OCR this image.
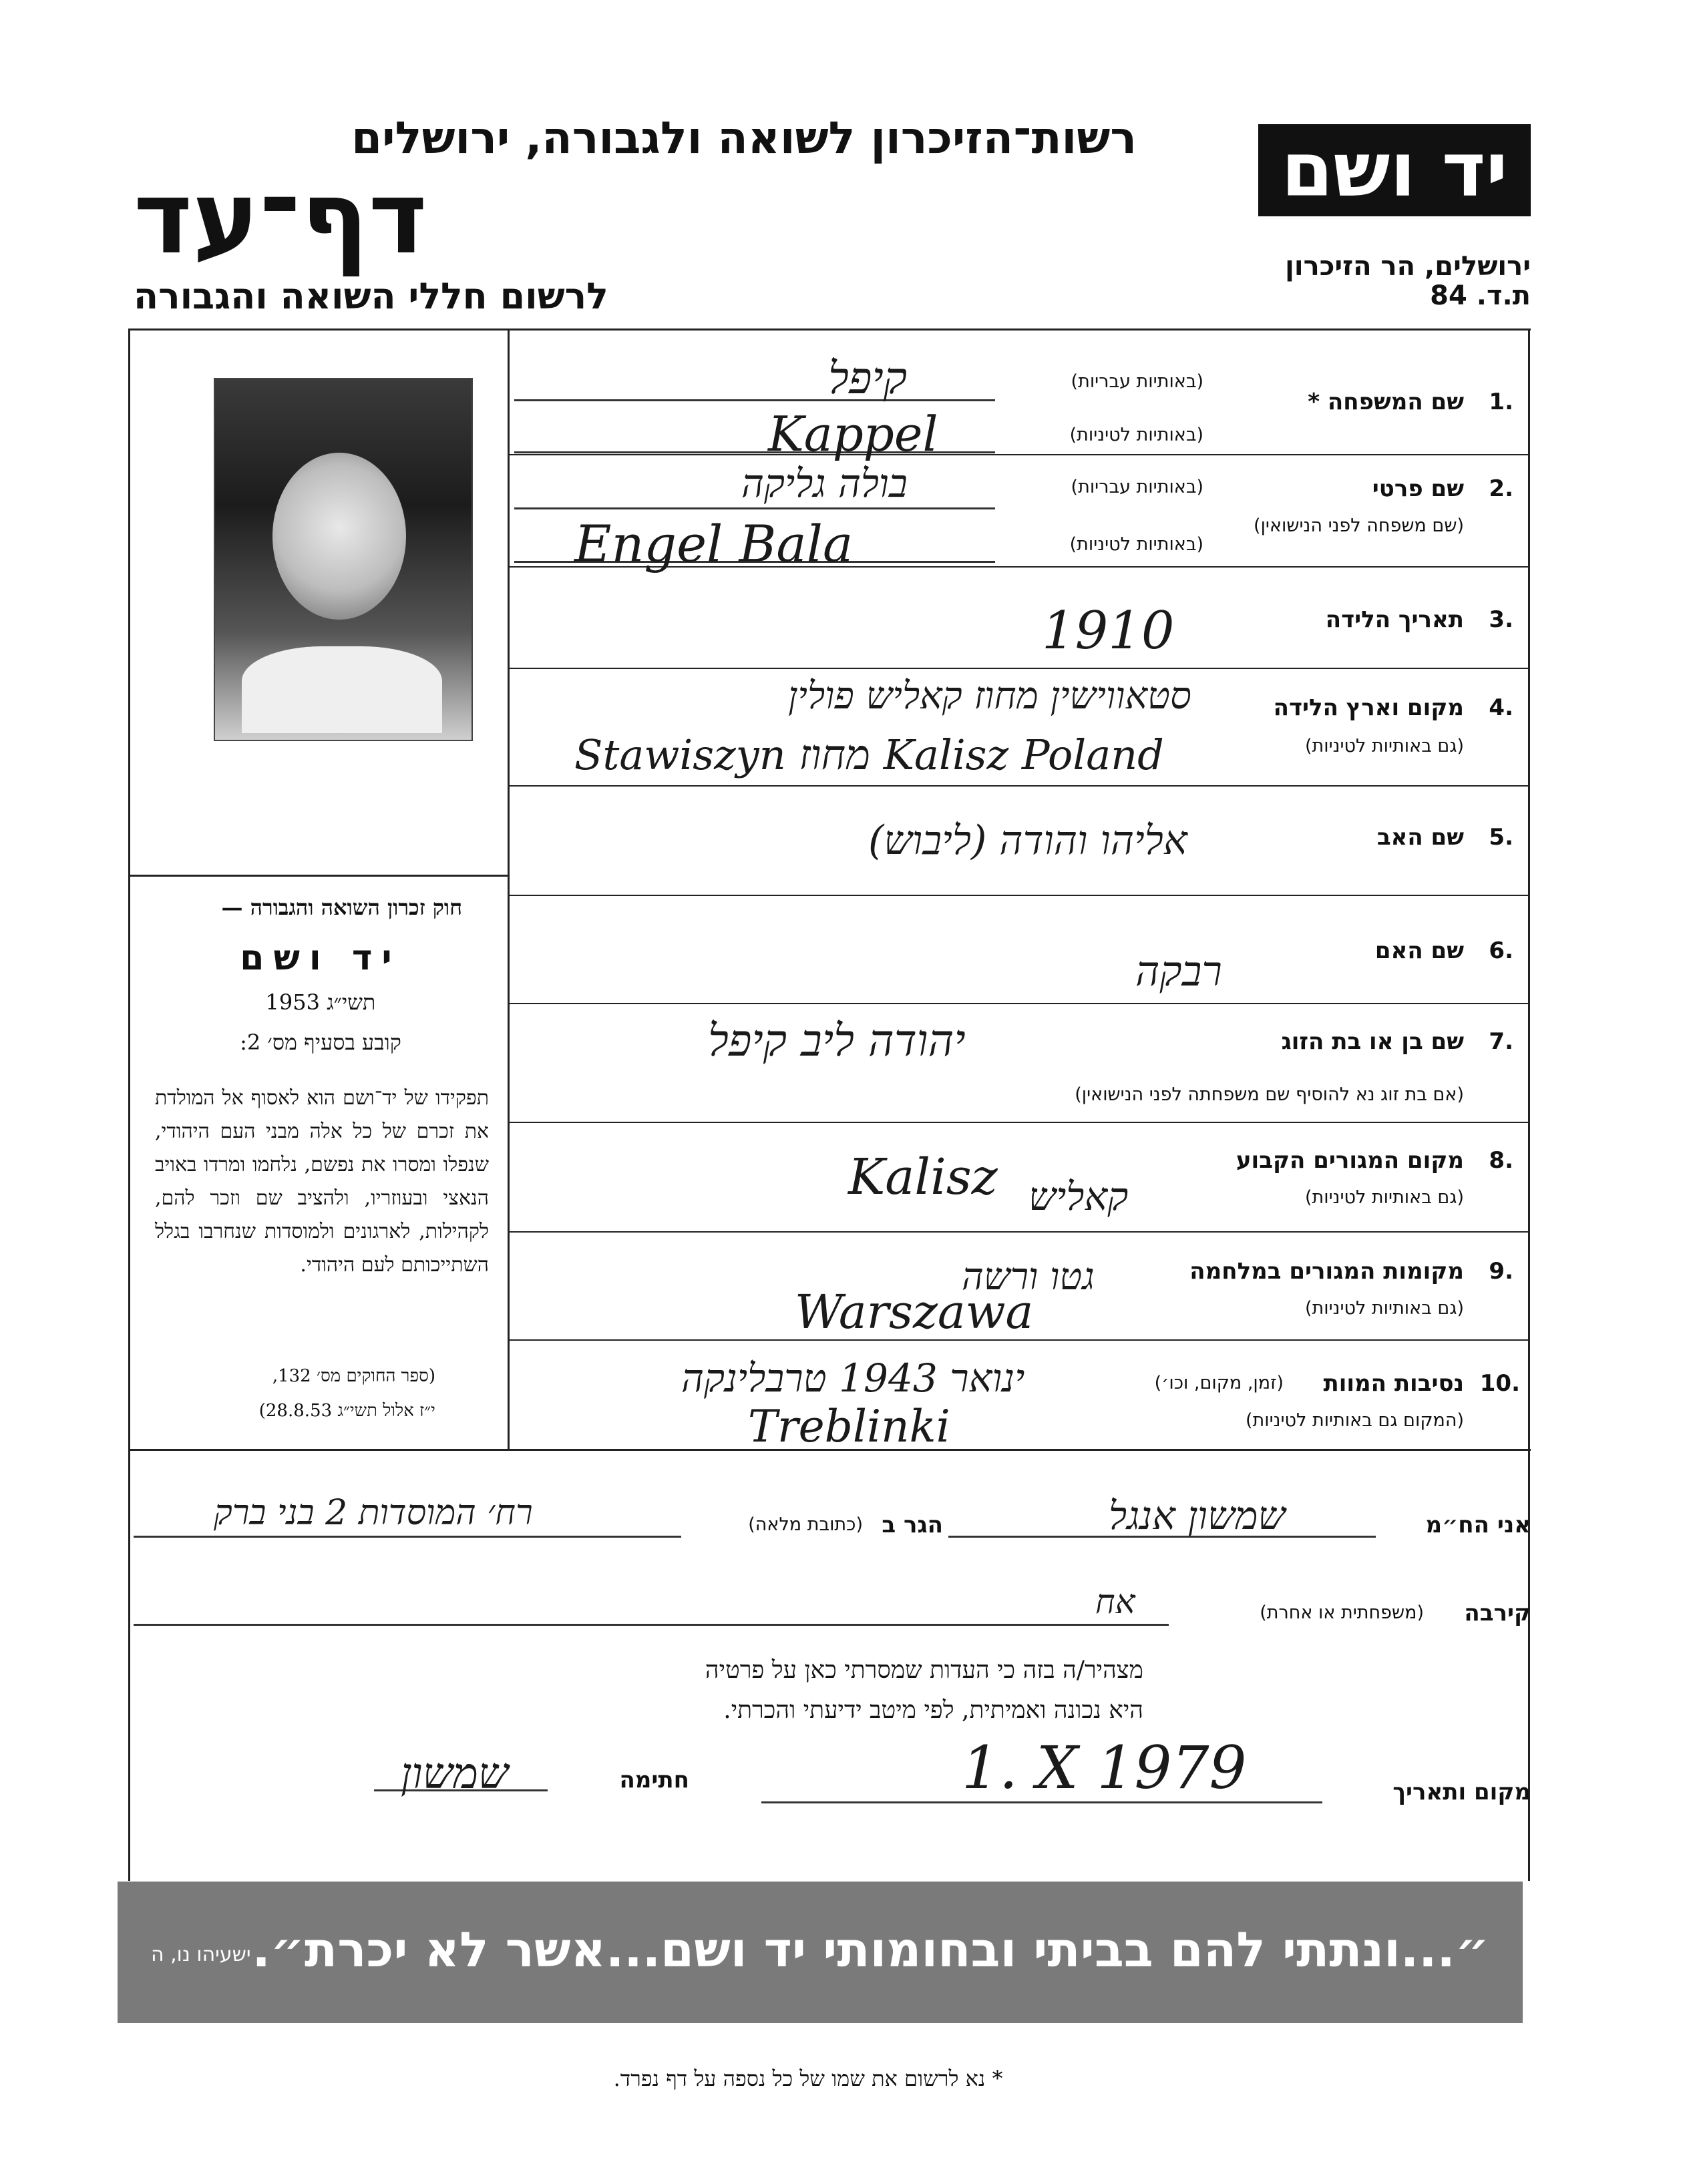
יד ושם
ירושלים, הר הזיכרון
ת.ד. 84
רשות־הזיכרון לשואה ולגבורה, ירושלים
דף־עד
לרשום חללי השואה והגבורה
חוק זכרון השואה והגבורה —
יד ושם
תשי״ג 1953
קובע בסעיף מס׳ 2:
תפקידו של יד־ושם הוא לאסוף אל המולדת את זכרם של כל אלה מבני העם היהודי, שנפלו ומסרו את נפשם, נלחמו ומרדו באויב הנאצי ובעוזריו, ולהציב שם וזכר להם, לקהילות, לארגונים ולמוסדות שנחרבו בגלל השתייכותם לעם היהודי.
(ספר החוקים מס׳ 132,
י״ז אלול תשי״ג 28.8.53)
1.
שם המשפחה *
(באותיות עבריות)
(באותיות לטיניות)
קיפל
Kappel
2.
שם פרטי
(שם משפחה לפני הנישואין)
(באותיות עבריות)
(באותיות לטיניות)
בולה גליקה
Engel Bala
3.
תאריך הלידה
1910
4.
מקום וארץ הלידה
(גם באותיות לטיניות)
סטאווישין מחוז קאליש פולין
Stawiszyn מחוז Kalisz Poland
5.
שם האב
אליהו והודה (ליבוש)
6.
שם האם
רבקה
7.
שם בן או בת הזוג
(אם בת זוג נא להוסיף שם משפחתה לפני הנישואין)
יהודה ליב קיפל
8.
מקום המגורים הקבוע
(גם באותיות לטיניות)
Kalisz קאליש
9.
מקומות המגורים במלחמה
(גם באותיות לטיניות)
גטו ורשה
Warszawa
10.
נסיבות המוות
(זמן, מקום, וכו׳)
(המקום גם באותיות לטיניות)
ינואר 1943 טרבלינקה
Treblinki
אני הח״מ
שמשון אנגל
הגר ב
(כתובת מלאה)
רח׳ המוסדות 2 בני ברק
קירבה
(משפחתית או אחרת)
אח
מצהיר/ה בזה כי העדות שמסרתי כאן על פרטיה
היא נכונה ואמיתית, לפי מיטב ידיעתי והכרתי.
חתימה
שמשון	מקום ותאריך
1. X 1979
״...ונתתי להם בביתי ובחומותי יד ושם...אשר לא יכרת״.
ישעיהו נו, ה
* נא לרשום את שמו של כל נספה על דף נפרד.
